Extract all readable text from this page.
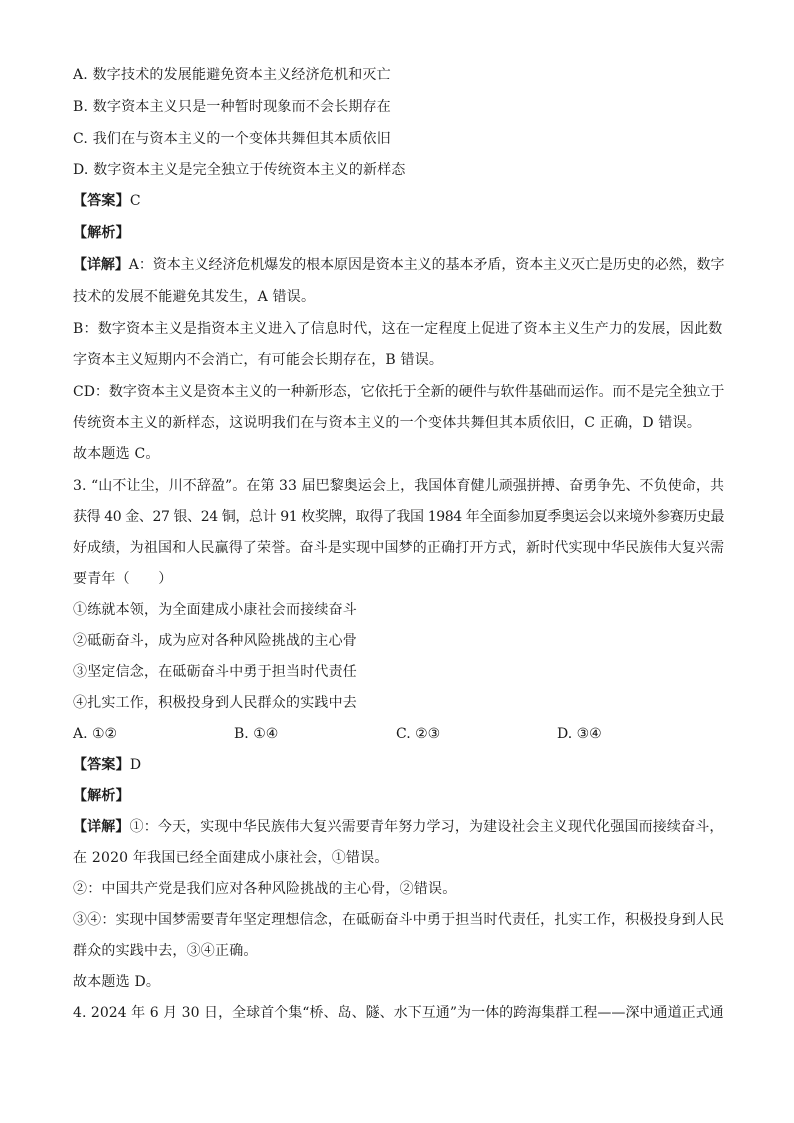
A. 数字技术的发展能避免资本主义经济危机和灭亡
B. 数字资本主义只是一种暂时现象而不会长期存在
C. 我们在与资本主义的一个变体共舞但其本质依旧
D. 数字资本主义是完全独立于传统资本主义的新样态
【答案】C
【解析】
【详解】A：资本主义经济危机爆发的根本原因是资本主义的基本矛盾，资本主义灭亡是历史的必然，数字
技术的发展不能避免其发生，A 错误。
B：数字资本主义是指资本主义进入了信息时代，这在一定程度上促进了资本主义生产力的发展，因此数
字资本主义短期内不会消亡，有可能会长期存在，B 错误。
CD：数字资本主义是资本主义的一种新形态，它依托于全新的硬件与软件基础而运作。而不是完全独立于
传统资本主义的新样态，这说明我们在与资本主义的一个变体共舞但其本质依旧，C 正确，D 错误。
故本题选 C。
3. “山不让尘，川不辞盈”。在第 33 届巴黎奥运会上，我国体育健儿顽强拼搏、奋勇争先、不负使命，共
获得 40 金、27 银、24 铜，总计 91 枚奖牌，取得了我国 1984 年全面参加夏季奥运会以来境外参赛历史最
好成绩，为祖国和人民赢得了荣誉。奋斗是实现中国梦的正确打开方式，新时代实现中华民族伟大复兴需
要青年（　　）
①练就本领，为全面建成小康社会而接续奋斗
②砥砺奋斗，成为应对各种风险挑战的主心骨
③坚定信念，在砥砺奋斗中勇于担当时代责任
④扎实工作，积极投身到人民群众的实践中去
A. ①②	B. ①④	C. ②③	D. ③④
【答案】D
【解析】
【详解】①：今天，实现中华民族伟大复兴需要青年努力学习，为建设社会主义现代化强国而接续奋斗，
在 2020 年我国已经全面建成小康社会，①错误。
②：中国共产党是我们应对各种风险挑战的主心骨，②错误。
③④：实现中国梦需要青年坚定理想信念，在砥砺奋斗中勇于担当时代责任，扎实工作，积极投身到人民
群众的实践中去，③④正确。
故本题选 D。
4. 2024 年 6 月 30 日，全球首个集“桥、岛、隧、水下互通”为一体的跨海集群工程——深中通道正式通
